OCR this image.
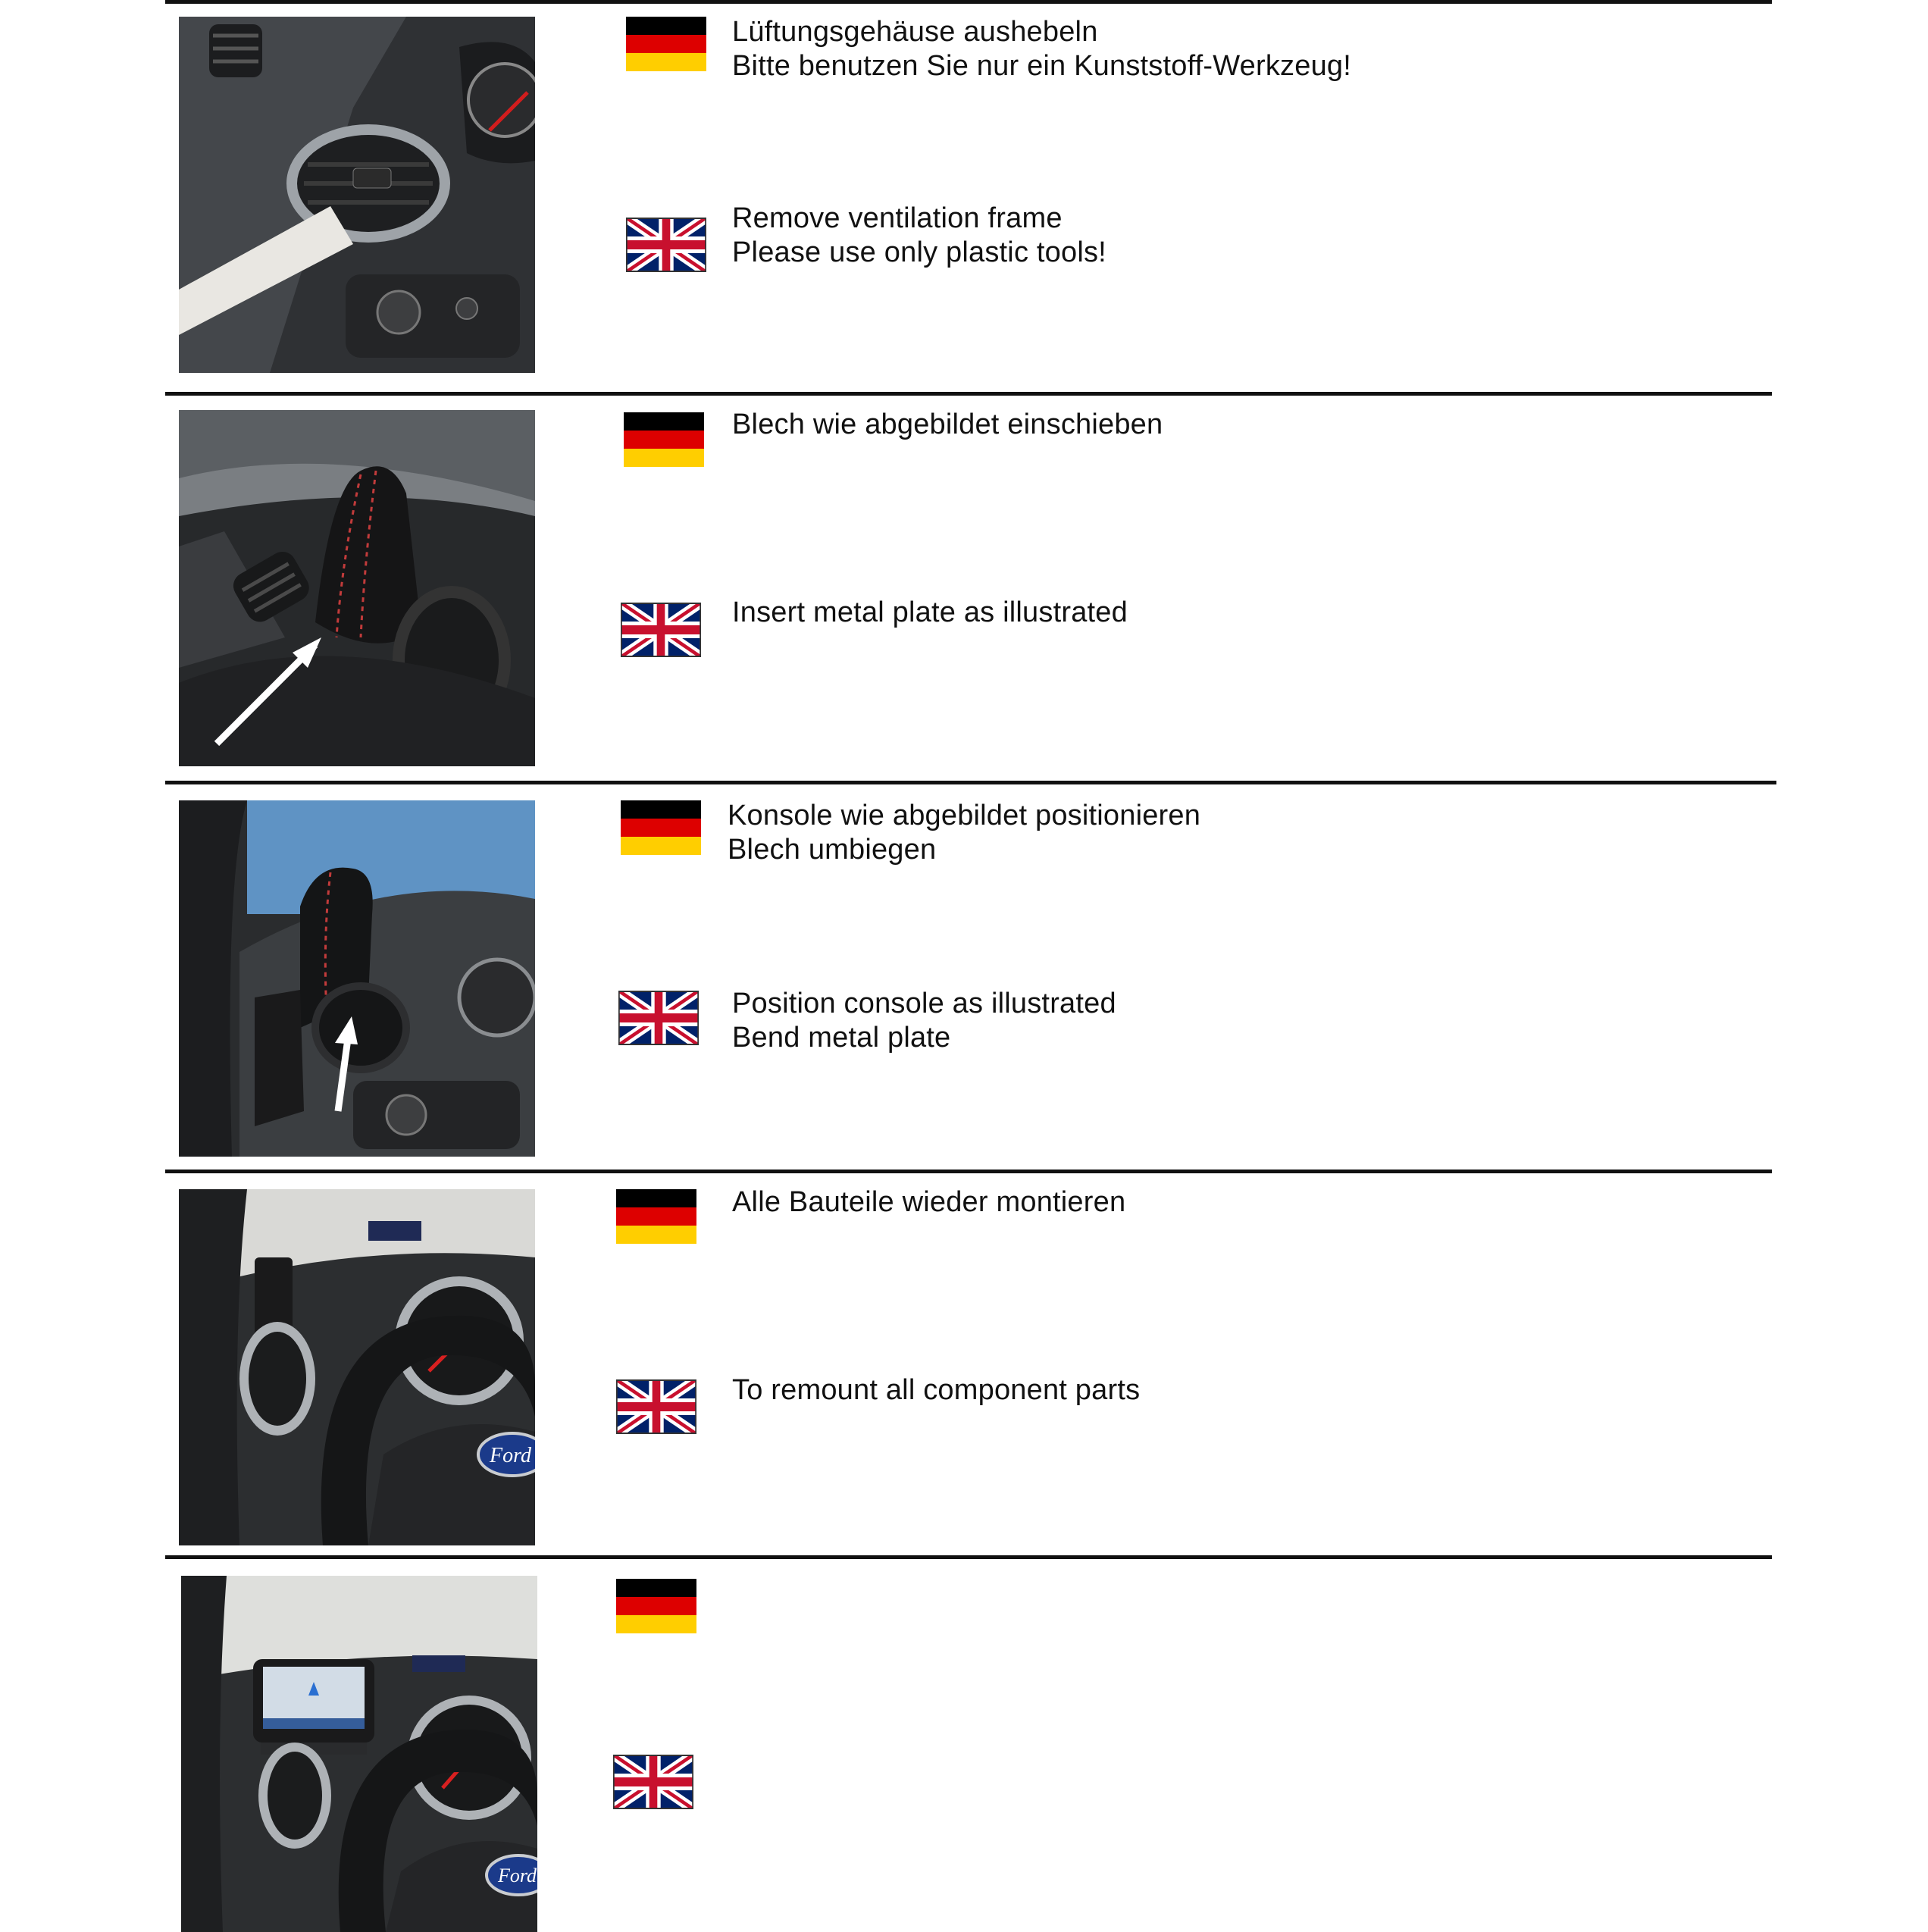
Lüftungsgehäuse aushebeln
Bitte benutzen Sie nur ein Kunststoff-Werkzeug!
Remove ventilation frame
Please use only plastic tools!
Blech wie abgebildet einschieben
Insert metal plate as illustrated
Konsole wie abgebildet positionieren
Blech umbiegen
Position console as illustrated
Bend metal plate
Ford
Alle Bauteile wieder montieren
To remount all component parts
Ford
